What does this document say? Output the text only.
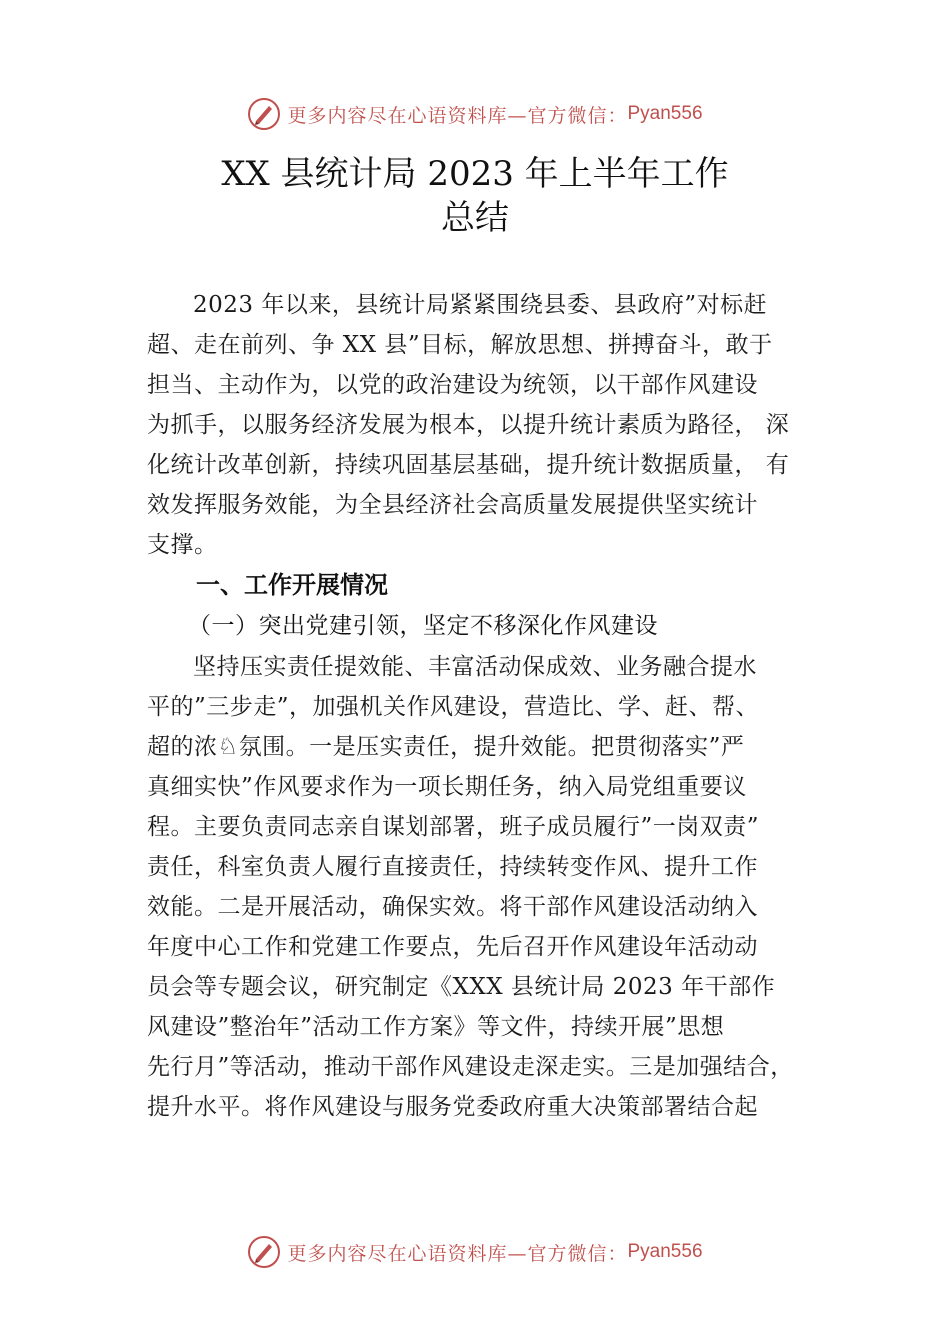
更多内容尽在心语资料库—官方微信： Pyan556
XX 县统计局 2023 年上半年工作
总结
2023 年以来，县统计局紧紧围绕县委、县政府”对标赶
超、走在前列、争 XX 县”目标，解放思想、拼搏奋斗，敢于
担当、主动作为，以党的政治建设为统领，以干部作风建设
为抓手，以服务经济发展为根本，以提升统计素质为路径， 深
化统计改革创新，持续巩固基层基础，提升统计数据质量， 有
效发挥服务效能，为全县经济社会高质量发展提供坚实统计
支撑。
一、工作开展情况
（一）突出党建引领，坚定不移深化作风建设
坚持压实责任提效能、丰富活动保成效、业务融合提水
平的”三步走”，加强机关作风建设，营造比、学、赶、帮、
超的浓♘氛围。一是压实责任，提升效能。把贯彻落实”严
真细实快”作风要求作为一项长期任务，纳入局党组重要议
程。主要负责同志亲自谋划部署，班子成员履行”一岗双责”
责任，科室负责人履行直接责任，持续转变作风、提升工作
效能。二是开展活动，确保实效。将干部作风建设活动纳入
年度中心工作和党建工作要点，先后召开作风建设年活动动
员会等专题会议，研究制定《XXX 县统计局 2023 年干部作
风建设”整治年”活动工作方案》等文件，持续开展”思想
先行月”等活动，推动干部作风建设走深走实。三是加强结合，
提升水平。将作风建设与服务党委政府重大决策部署结合起
更多内容尽在心语资料库—官方微信： Pyan556
